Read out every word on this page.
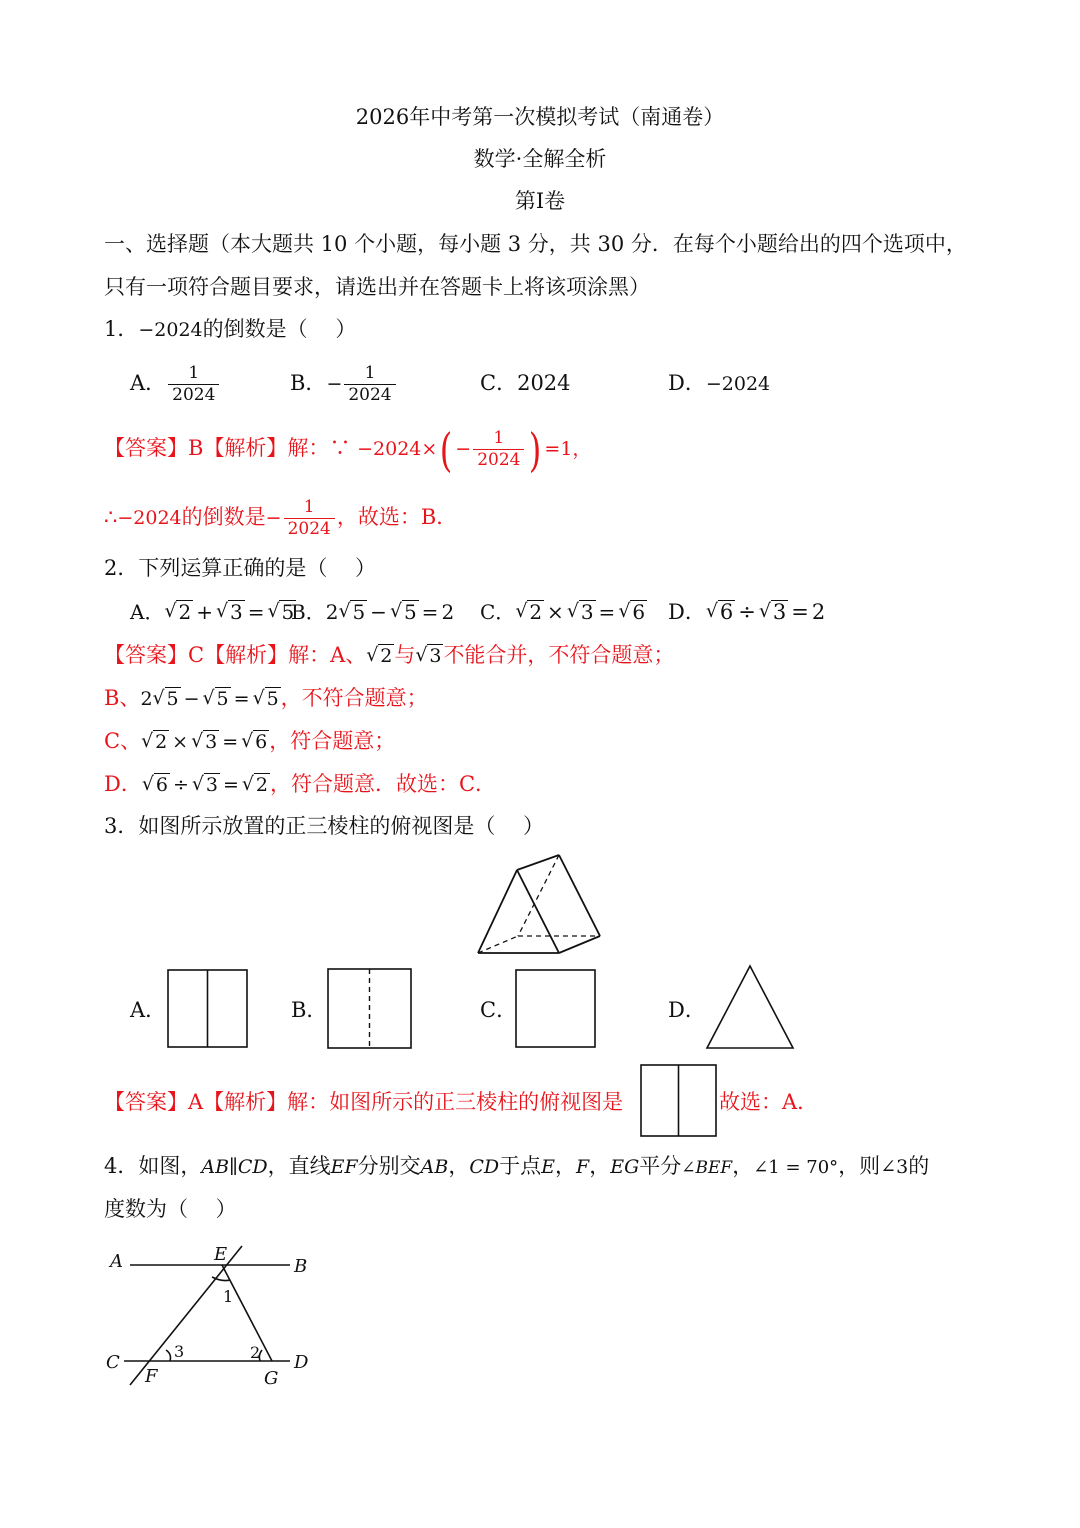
2026年中考第一次模拟考试（南通卷）
数学·全解全析
第Ⅰ卷
一、选择题（本大题共 10 个小题，每小题 3 分，共 30 分．在每个小题给出的四个选项中，
只有一项符合题目要求，请选出并在答题卡上将该项涂黑）
1．−2024的倒数是（　 ）
A． $\frac{1}{2024}$	B．− $\frac{1}{2024}$	C．2024	D．−2024
【答案】B【解析】解：∵ $-2024\times( - \frac{1}{2024}$ ) =1，
∴−2024的倒数是− $\frac{1}{2024}$ ，故选：B．
2．下列运算正确的是（　 ）
A． √ 2 + √ 3 = √ 5
B．2 √ 5 − √ 5 = 2 C． √ 2 × √ 3 = √ 6 D． √ 6 ÷ √ 3 = 2
【答案】C【解析】解：A、 √ 2与 √ 3不能合并，不符合题意；
B、2 √ 5 − √ 5 = √ 5，不符合题意；
C、 √ 2 × √ 3 = √ 6，符合题意；
D． √ 6 ÷ √ 3 = √ 2，符合题意．故选：C．
3．如图所示放置的正三棱柱的俯视图是（　 ）
A．	B．	C．	D．
【答案】A【解析】解：如图所示的正三棱柱的俯视图是	故选：A．
4．如图，AB∥CD，直线EF分别交AB，CD于点E，F，EG平分∠BEF，∠1 = 70°，则∠3的
度数为（　 ）
A	B
C	D
E
F	G
1
2
3
